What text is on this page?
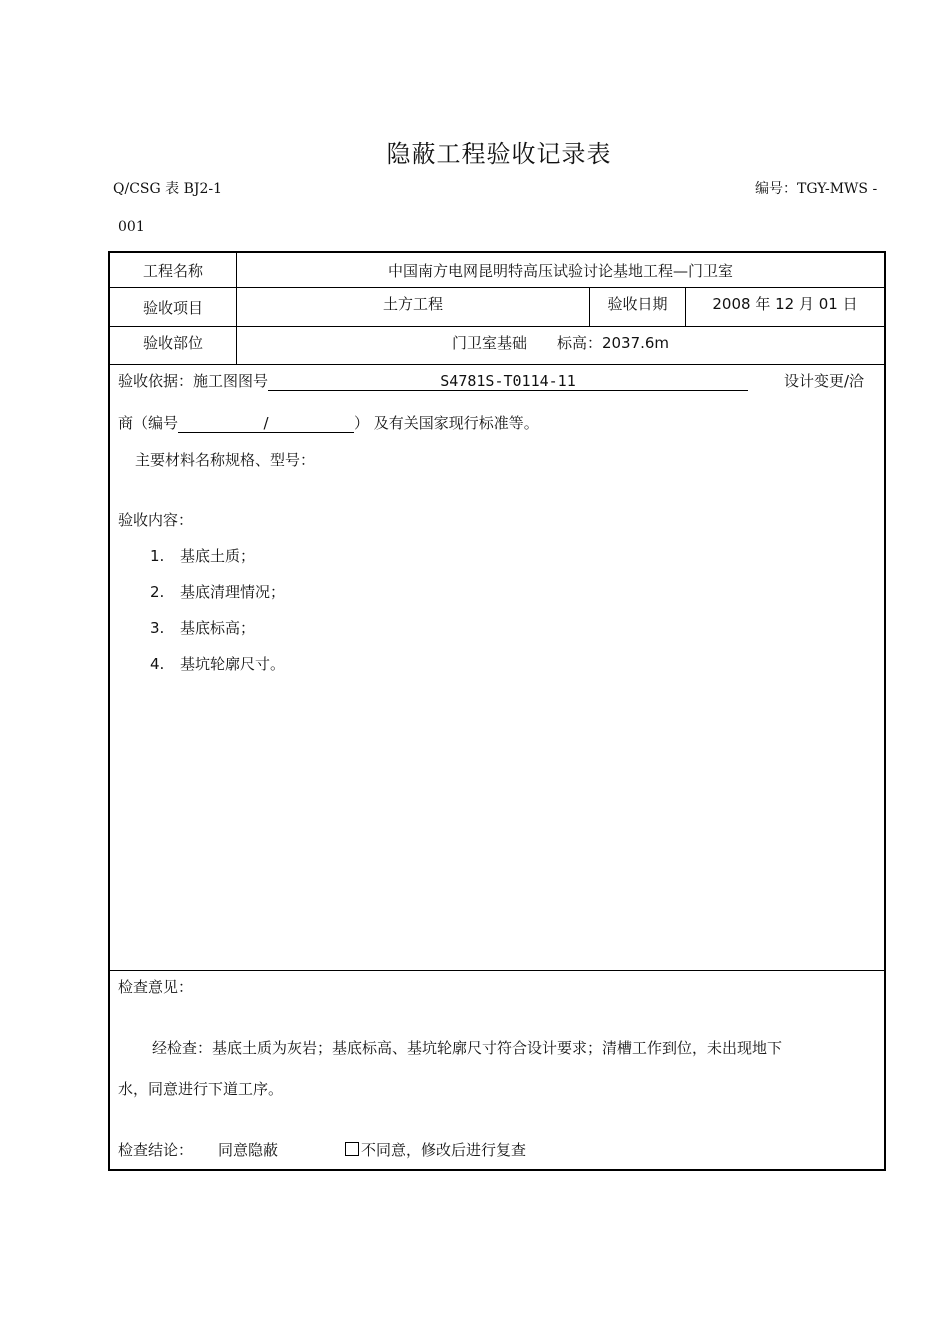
隐蔽工程验收记录表
Q/CSG 表 BJ2-1	编号：TGY-MWS -
001
工程名称	中国南方电网昆明特高压试验讨论基地工程—门卫室
验收项目	土方工程	验收日期	2008 年 12 月 01 日
验收部位	门卫室基础　　标高：2037.6m
验收依据：施工图图号	S4781S-T0114-11	设计变更/洽
商（编号	/	） 及有关国家现行标准等。
主要材料名称规格、型号：
验收内容：
1. 基底土质；
2. 基底清理情况；
3. 基底标高；
4. 基坑轮廓尺寸。
检查意见：
经检查：基底土质为灰岩；基底标高、基坑轮廓尺寸符合设计要求；清槽工作到位，未出现地下
水，同意进行下道工序。
检查结论： 同意隐蔽	不同意，修改后进行复查
